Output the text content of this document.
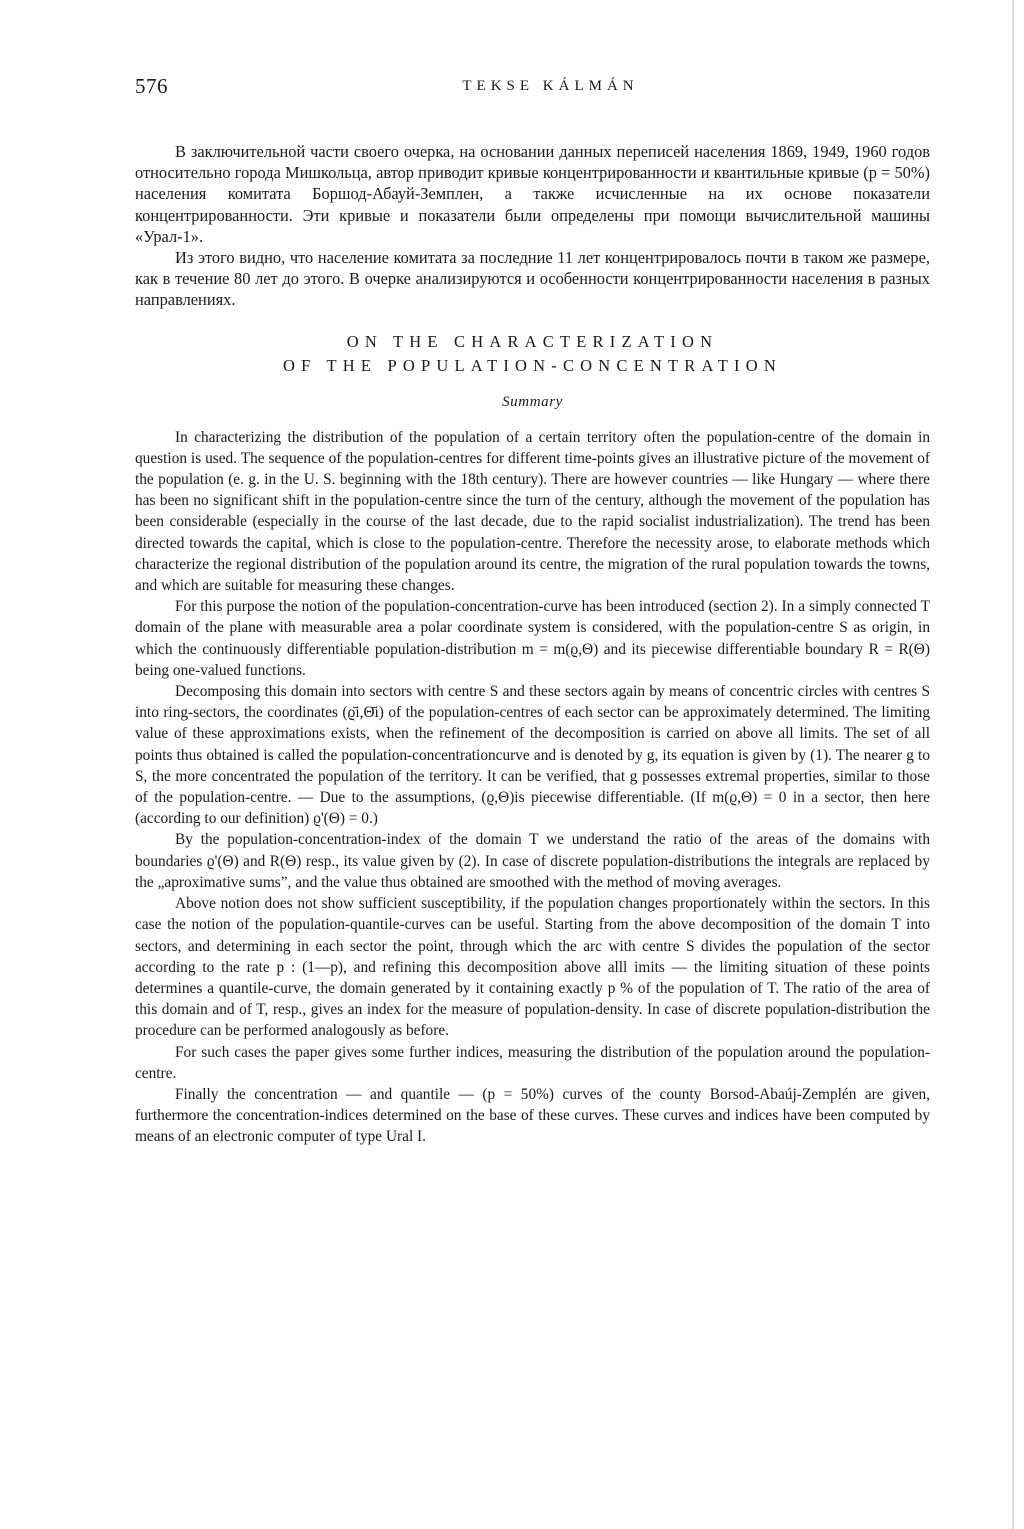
576	TEKSE KÁLMÁN

В заключительной части своего очерка, на основании данных переписей населения 1869, 1949, 1960 годов относительно города Мишкольца, автор приводит кривые концентрированности и квантильные кривые (p = 50%) населения комитата Боршод-Абауй-Земплен, а также исчисленные на их основе показатели концентрированности. Эти кривые и показатели были определены при помощи вычислительной машины «Урал-1».

Из этого видно, что население комитата за последние 11 лет концентрировалось почти в таком же размере, как в течение 80 лет до этого. В очерке анализируются и особенности концентрированности населения в разных направлениях.

ON THE CHARACTERIZATION
OF THE POPULATION-CONCENTRATION
Summary

In characterizing the distribution of the population of a certain territory often the population-centre of the domain in question is used. The sequence of the population-centres for different time-points gives an illustrative picture of the movement of the population (e. g. in the U. S. beginning with the 18th century). There are however countries — like Hungary — where there has been no significant shift in the population-centre since the turn of the century, although the movement of the population has been considerable (especially in the course of the last decade, due to the rapid socialist industrialization). The trend has been directed towards the capital, which is close to the population-centre. Therefore the necessity arose, to elaborate methods which characterize the regional distribution of the population around its centre, the migration of the rural population towards the towns, and which are suitable for measuring these changes.

For this purpose the notion of the population-concentration-curve has been introduced (section 2). In a simply connected T domain of the plane with measurable area a polar coordinate system is considered, with the population-centre S as origin, in which the continuously differentiable population-distribution m = m(ϱ,Θ) and its piecewise differentiable boundary R = R(Θ) being one-valued functions.

Decomposing this domain into sectors with centre S and these sectors again by means of concentric circles with centres S into ring-sectors, the coordinates (ϱ̄i,Θ̄i) of the population-centres of each sector can be approximately determined. The limiting value of these approximations exists, when the refinement of the decomposition is carried on above all limits. The set of all points thus obtained is called the population-concentrationcurve and is denoted by g, its equation is given by (1). The nearer g to S, the more concentrated the population of the territory. It can be verified, that g possesses extremal properties, similar to those of the population-centre. — Due to the assumptions, (ϱ,Θ)is piecewise differentiable. (If m(ϱ,Θ) = 0 in a sector, then here (according to our definition) ϱ'(Θ) = 0.)

By the population-concentration-index of the domain T we understand the ratio of the areas of the domains with boundaries ϱ'(Θ) and R(Θ) resp., its value given by (2). In case of discrete population-distributions the integrals are replaced by the „aproximative sums”, and the value thus obtained are smoothed with the method of moving averages.

Above notion does not show sufficient susceptibility, if the population changes proportionately within the sectors. In this case the notion of the population-quantile-curves can be useful. Starting from the above decomposition of the domain T into sectors, and determining in each sector the point, through which the arc with centre S divides the population of the sector according to the rate p : (1—p), and refining this decomposition above alll imits — the limiting situation of these points determines a quantile-curve, the domain generated by it containing exactly p % of the population of T. The ratio of the area of this domain and of T, resp., gives an index for the measure of population-density. In case of discrete population-distribution the procedure can be performed analogously as before.

For such cases the paper gives some further indices, measuring the distribution of the population around the population-centre.

Finally the concentration — and quantile — (p = 50%) curves of the county Borsod-Abaúj-Zemplén are given, furthermore the concentration-indices determined on the base of these curves. These curves and indices have been computed by means of an electronic computer of type Ural I.
